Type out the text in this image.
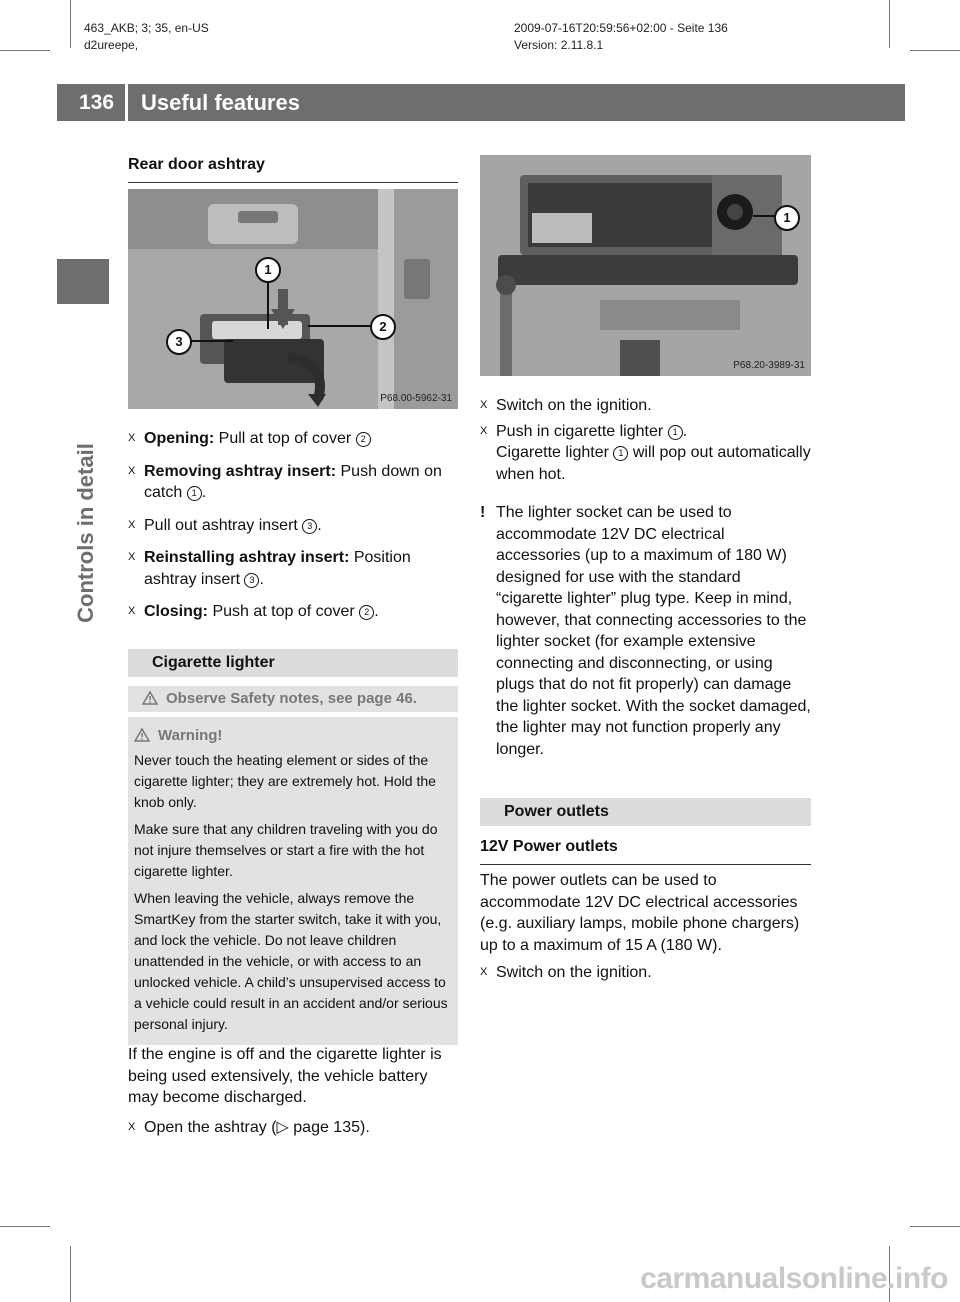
463_AKB; 3; 35, en-US
d2ureepe,
2009-07-16T20:59:56+02:00 - Seite 136
Version: 2.11.8.1
136 Useful features
Controls in detail
Rear door ashtray
1
2
3
P68.00-5962-31
X Opening: Pull at top of cover 2
X Removing ashtray insert: Push down on catch 1 .
X Pull out ashtray insert 3 .
X Reinstalling ashtray insert: Position ashtray insert 3 .
X Closing: Push at top of cover 2 .
Cigarette lighter
Observe Safety notes, see page 46.
Warning!

Never touch the heating element or sides of the cigarette lighter; they are extremely hot. Hold the knob only.

Make sure that any children traveling with you do not injure themselves or start a fire with the hot cigarette lighter.

When leaving the vehicle, always remove the SmartKey from the starter switch, take it with you, and lock the vehicle. Do not leave children unattended in the vehicle, or with access to an unlocked vehicle. A child’s unsupervised access to a vehicle could result in an accident and/or serious personal injury.

If the engine is off and the cigarette lighter is being used extensively, the vehicle battery may become discharged.
X Open the ashtray (▷ page 135).
1
P68.20-3989-31
X Switch on the ignition.
X Push in cigarette lighter 1 .
Cigarette lighter 1 will pop out automatically when hot.
! The lighter socket can be used to accommodate 12V DC electrical accessories (up to a maximum of 180 W) designed for use with the standard “cigarette lighter” plug type. Keep in mind, however, that connecting accessories to the lighter socket (for example extensive connecting and disconnecting, or using plugs that do not fit properly) can damage the lighter socket. With the socket damaged, the lighter may not function properly any longer.
Power outlets
12V Power outlets
The power outlets can be used to accommodate 12V DC electrical accessories (e.g. auxiliary lamps, mobile phone chargers) up to a maximum of 15 A (180 W).
X Switch on the ignition.
carmanualsonline.info
